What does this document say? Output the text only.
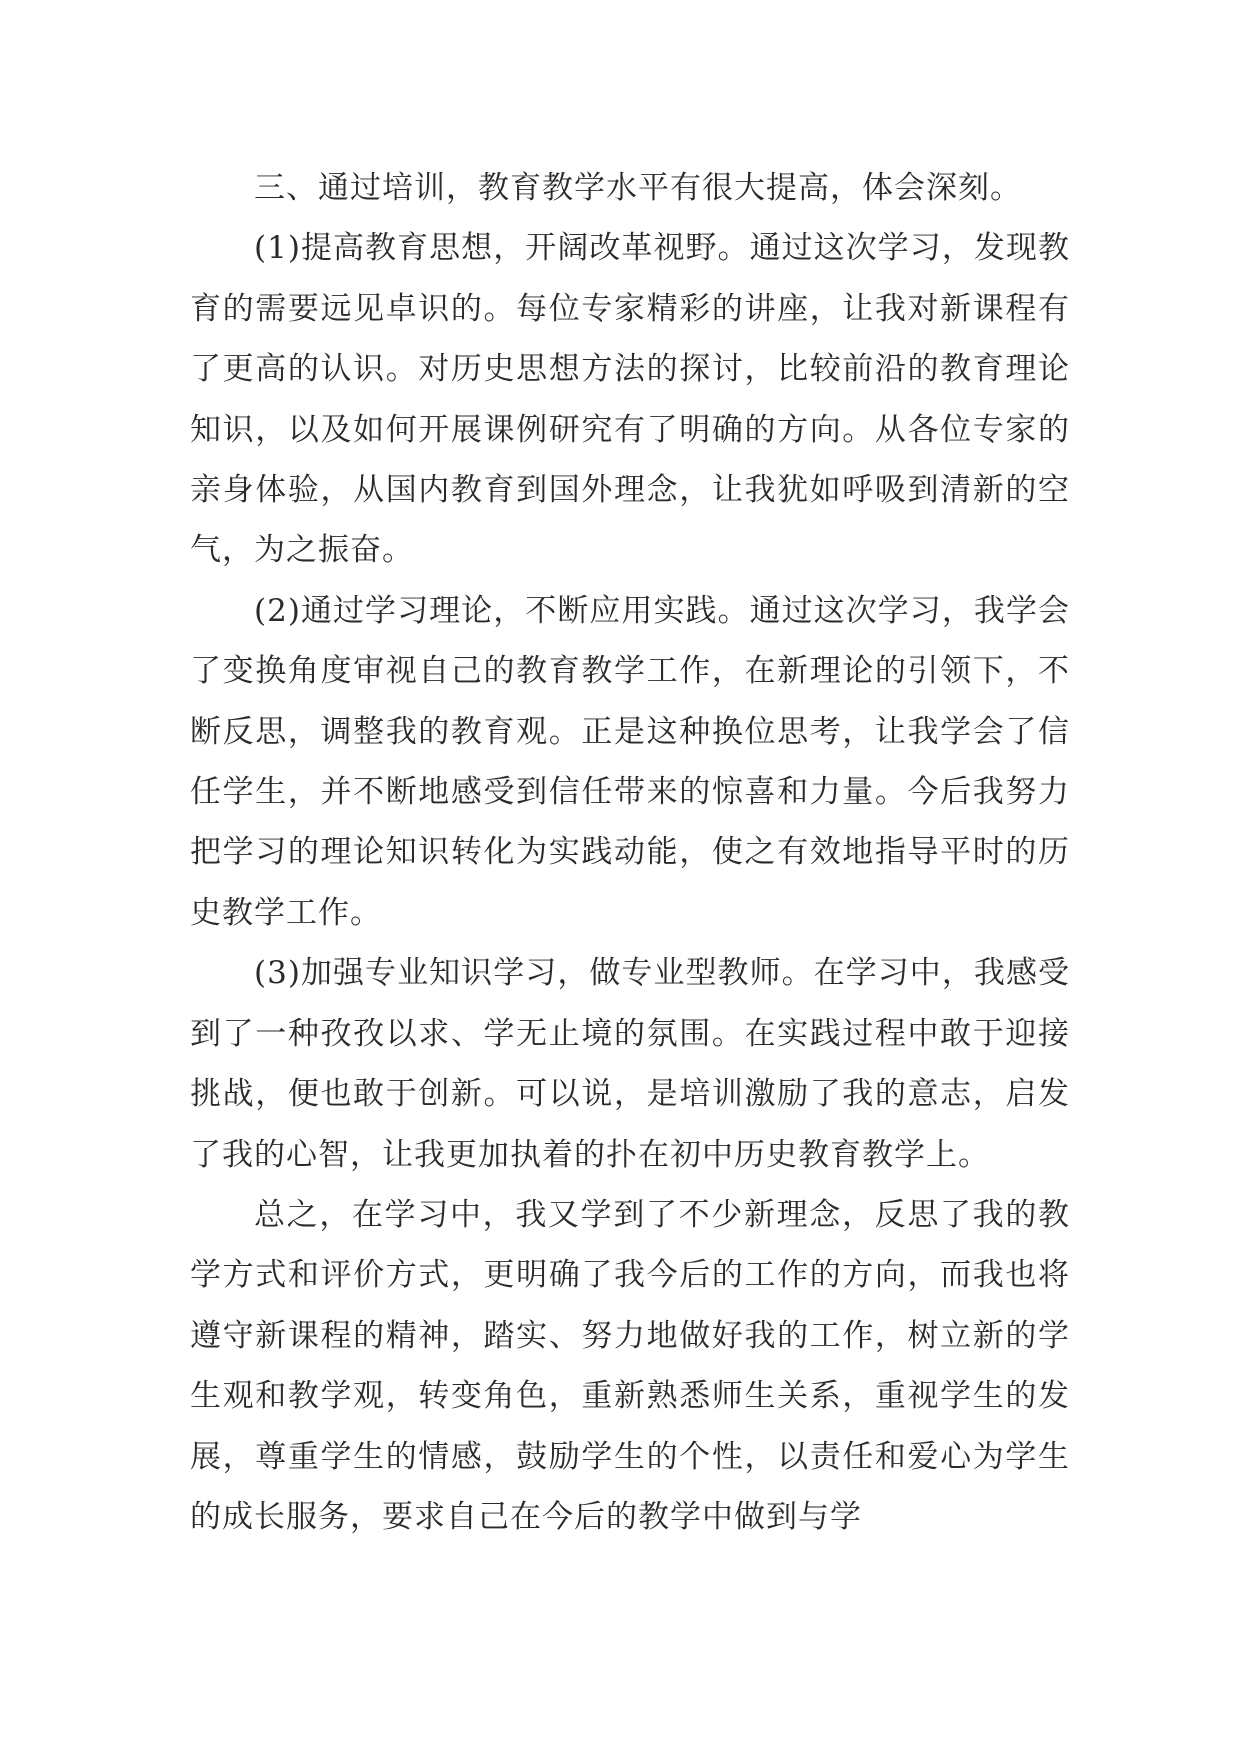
三、通过培训，教育教学水平有很大提高，体会深刻。

(1)提高教育思想，开阔改革视野。通过这次学习，发现教育的需要远见卓识的。每位专家精彩的讲座，让我对新课程有了更高的认识。对历史思想方法的探讨，比较前沿的教育理论知识，以及如何开展课例研究有了明确的方向。从各位专家的亲身体验，从国内教育到国外理念，让我犹如呼吸到清新的空气，为之振奋。

(2)通过学习理论，不断应用实践。通过这次学习，我学会了变换角度审视自己的教育教学工作，在新理论的引领下，不断反思，调整我的教育观。正是这种换位思考，让我学会了信任学生，并不断地感受到信任带来的惊喜和力量。今后我努力把学习的理论知识转化为实践动能，使之有效地指导平时的历史教学工作。

(3)加强专业知识学习，做专业型教师。在学习中，我感受到了一种孜孜以求、学无止境的氛围。在实践过程中敢于迎接挑战，便也敢于创新。可以说，是培训激励了我的意志，启发了我的心智，让我更加执着的扑在初中历史教育教学上。

总之，在学习中，我又学到了不少新理念，反思了我的教学方式和评价方式，更明确了我今后的工作的方向，而我也将遵守新课程的精神，踏实、努力地做好我的工作，树立新的学生观和教学观，转变角色，重新熟悉师生关系，重视学生的发展，尊重学生的情感，鼓励学生的个性，以责任和爱心为学生的成长服务，要求自己在今后的教学中做到与学
